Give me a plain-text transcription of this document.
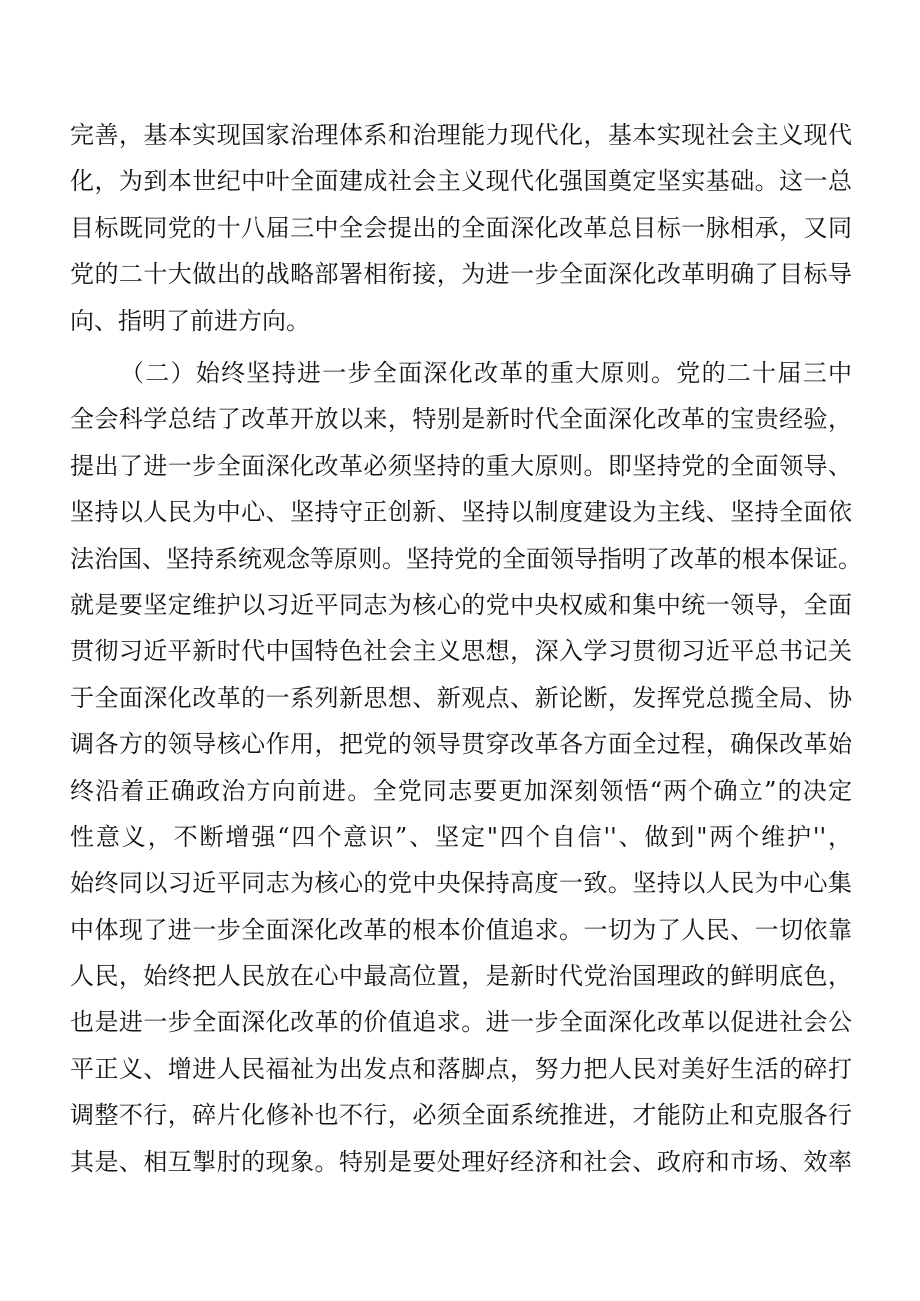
完善，基本实现国家治理体系和治理能力现代化，基本实现社会主义现代
化，为到本世纪中叶全面建成社会主义现代化强国奠定坚实基础。这一总
目标既同党的十八届三中全会提出的全面深化改革总目标一脉相承，又同
党的二十大做出的战略部署相衔接，为进一步全面深化改革明确了目标导
向、指明了前进方向。
（二）始终坚持进一步全面深化改革的重大原则。党的二十届三中
全会科学总结了改革开放以来，特别是新时代全面深化改革的宝贵经验，
提出了进一步全面深化改革必须坚持的重大原则。即坚持党的全面领导、
坚持以人民为中心、坚持守正创新、坚持以制度建设为主线、坚持全面依
法治国、坚持系统观念等原则。坚持党的全面领导指明了改革的根本保证。
就是要坚定维护以习近平同志为核心的党中央权威和集中统一领导，全面
贯彻习近平新时代中国特色社会主义思想，深入学习贯彻习近平总书记关
于全面深化改革的一系列新思想、新观点、新论断，发挥党总揽全局、协
调各方的领导核心作用，把党的领导贯穿改革各方面全过程，确保改革始
终沿着正确政治方向前进。全党同志要更加深刻领悟“两个确立”的决定
性意义，不断增强“四个意识”、坚定"四个自信''、做到"两个维护''，
始终同以习近平同志为核心的党中央保持高度一致。坚持以人民为中心集
中体现了进一步全面深化改革的根本价值追求。一切为了人民、一切依靠
人民，始终把人民放在心中最高位置，是新时代党治国理政的鲜明底色，
也是进一步全面深化改革的价值追求。进一步全面深化改革以促进社会公
平正义、增进人民福祉为出发点和落脚点，努力把人民对美好生活的碎打
调整不行，碎片化修补也不行，必须全面系统推进，才能防止和克服各行
其是、相互掣肘的现象。特别是要处理好经济和社会、政府和市场、效率
